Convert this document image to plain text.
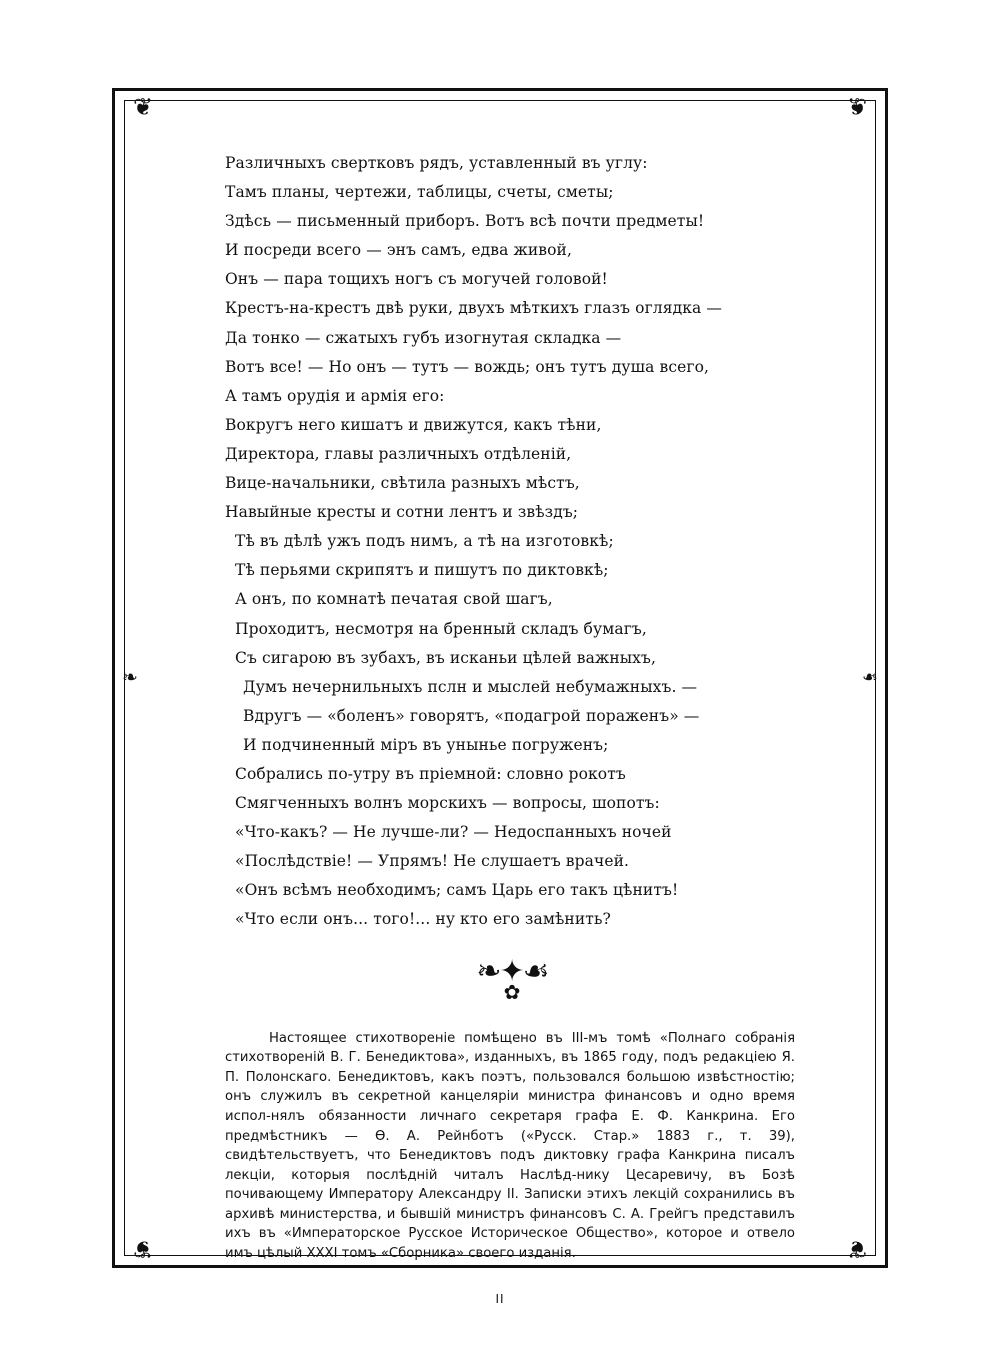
❦	❦
❦	❦
❧	❧
Различныхъ свертковъ рядъ, уставленный въ углу:
Тамъ планы, чертежи, таблицы, счеты, сметы;
Здѣсь — письменный приборъ. Вотъ всѣ почти предметы!
И посреди всего — энъ самъ, едва живой,
Онъ — пара тощихъ ногъ съ могучей головой!
Крестъ-на-крестъ двѣ руки, двухъ мѣткихъ глазъ оглядка —
Да тонко — сжатыхъ губъ изогнутая складка —
Вотъ все! — Но онъ — тутъ — вождь; онъ тутъ душа всего,
А тамъ орудія и армія его:
Вокругъ него кишатъ и движутся, какъ тѣни,
Директора, главы различныхъ отдѣленій,
Вице-начальники, свѣтила разныхъ мѣстъ,
Навыйные кресты и сотни лентъ и звѣздъ;
Тѣ въ дѣлѣ ужъ подъ нимъ, а тѣ на изготовкѣ;
Тѣ перьями скрипятъ и пишутъ по диктовкѣ;
А онъ, по комнатѣ печатая свой шагъ,
Проходитъ, несмотря на бренный складъ бумагъ,
Съ сигарою въ зубахъ, въ исканьи цѣлей важныхъ,
Думъ нечернильныхъ пслн и мыслей небумажныхъ. —
Вдругъ — «боленъ» говорятъ, «подагрой пораженъ» —
И подчиненный міръ въ уныньe погруженъ;
Собрались по-утру въ пріемной: словно рокотъ
Смягченныхъ волнъ морскихъ — вопросы, шопотъ:
«Что-какъ? — Не лучше-ли? — Недоспанныхъ ночей
«Послѣдствіе! — Упрямъ! Не слушаетъ врачей.
«Онъ всѣмъ необходимъ; самъ Царь его такъ цѣнитъ!
«Что если онъ... того!... ну кто его замѣнить?
❧✦☙
✿

Настоящее стихотвореніе помѣщено въ III-мъ томѣ «Полнаго собранія стихотвореній В. Г. Бенедиктова», изданныхъ, въ 1865 году, подъ редакціею Я. П. Полонскаго. Бенедиктовъ, какъ поэтъ, пользовался большою извѣстностію; онъ служилъ въ секретной канцеляріи министра финансовъ и одно время испол-нялъ обязанности личнаго секретаря графа Е. Ф. Канкрина. Его предмѣстникъ — Ѳ. А. Рейнботъ («Русск. Стар.» 1883 г., т. 39), свидѣтельствуетъ, что Бенедиктовъ подъ диктовку графа Канкрина писалъ лекціи, которыя послѣдній читалъ Наслѣд-нику Цесаревичу, въ Бозѣ почивающему Императору Александру II. Записки этихъ лекцій сохранились въ архивѣ министерства, и бывшій министръ финансовъ С. А. Грейгъ представилъ ихъ въ «Императорское Русское Историческое Общество», которое и отвело имъ цѣлый XXXI томъ «Сборника» своего изданія.

II
